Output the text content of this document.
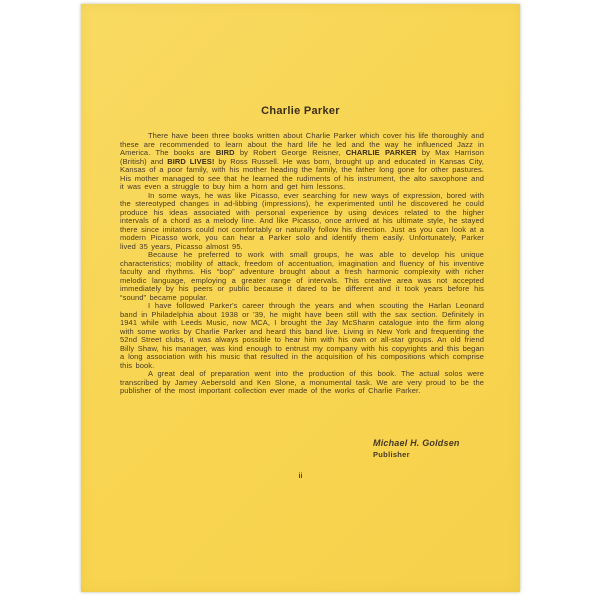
Charlie Parker

There have been three books written about Charlie Parker which cover his life thoroughly and these are recommended to learn about the hard life he led and the way he influenced Jazz in America. The books are BIRD by Robert George Reisner, CHARLIE PARKER by Max Harrison (British) and BIRD LIVES! by Ross Russell. He was born, brought up and educated in Kansas City, Kansas of a poor family, with his mother heading the family, the father long gone for other pastures. His mother managed to see that he learned the rudiments of his instrument, the alto saxophone and it was even a struggle to buy him a horn and get him lessons.

In some ways, he was like Picasso, ever searching for new ways of expression, bored with the stereotyped changes in ad-libbing (impressions), he experimented until he discovered he could produce his ideas associated with personal experience by using devices related to the higher intervals of a chord as a melody line. And like Picasso, once arrived at his ultimate style, he stayed there since imitators could not comfortably or naturally follow his direction. Just as you can look at a modern Picasso work, you can hear a Parker solo and identify them easily. Unfortunately, Parker lived 35 years, Picasso almost 95.

Because he preferred to work with small groups, he was able to develop his unique characteristics; mobility of attack, freedom of accentuation, imagination and fluency of his inventive faculty and rhythms. His “bop” adventure brought about a fresh harmonic complexity with richer melodic language, employing a greater range of intervals. This creative area was not accepted immediately by his peers or public because it dared to be different and it took years before his “sound” became popular.

I have followed Parker's career through the years and when scouting the Harlan Leonard band in Philadelphia about 1938 or '39, he might have been still with the sax section. Definitely in 1941 while with Leeds Music, now MCA, I brought the Jay McShann catalogue into the firm along with some works by Charlie Parker and heard this band live. Living in New York and frequenting the 52nd Street clubs, it was always possible to hear him with his own or all-star groups. An old friend Billy Shaw, his manager, was kind enough to entrust my company with his copyrights and this began a long association with his music that resulted in the acquisition of his compositions which comprise this book.

A great deal of preparation went into the production of this book. The actual solos were transcribed by Jamey Aebersold and Ken Slone, a monumental task. We are very proud to be the publisher of the most important collection ever made of the works of Charlie Parker.

Michael H. Goldsen
Publisher
ii
